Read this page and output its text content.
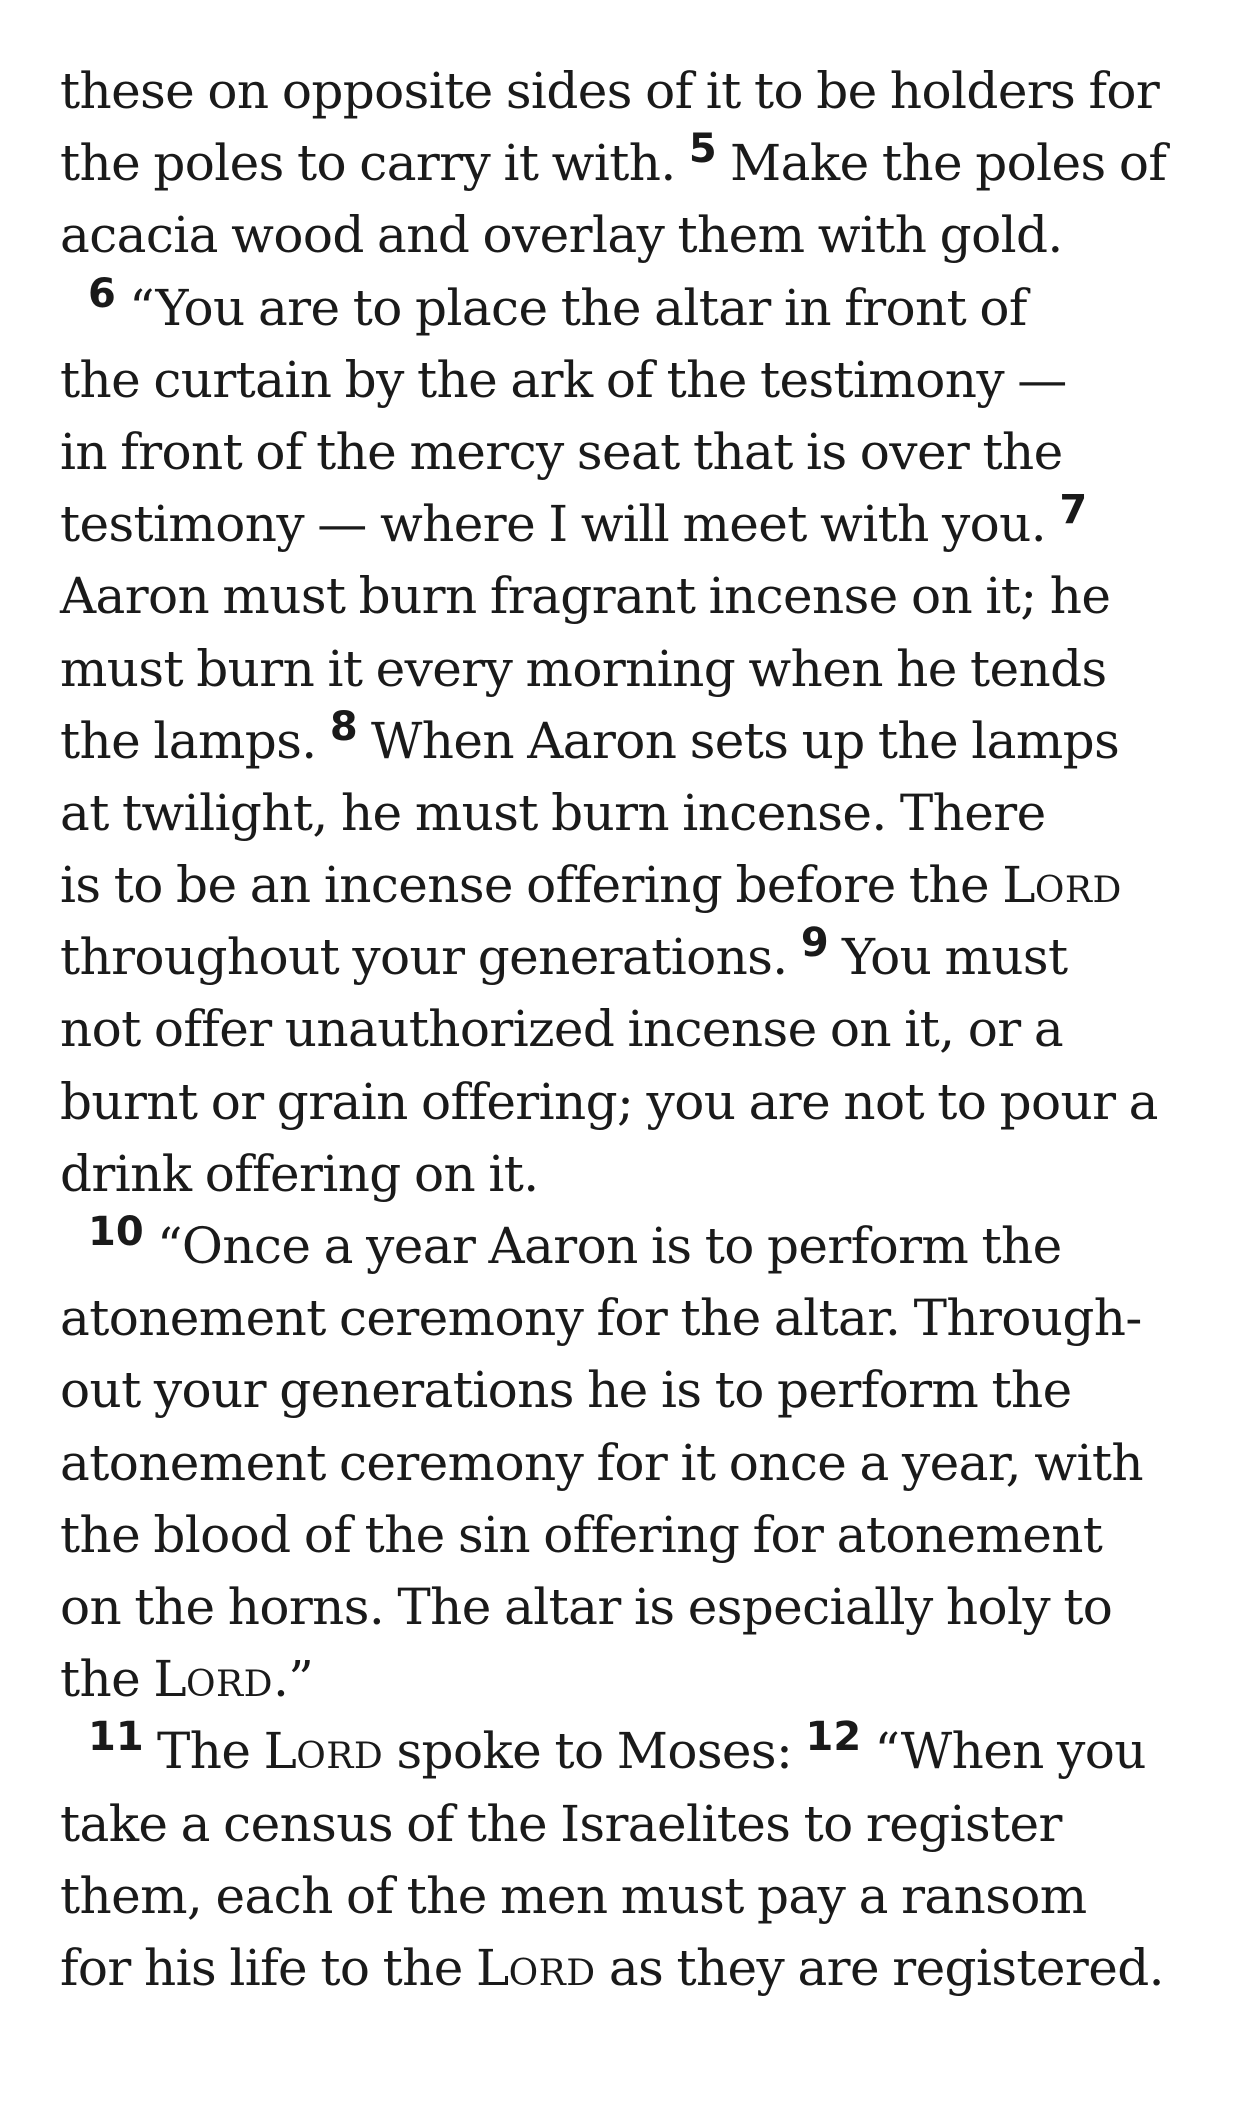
these on opposite sides of it to be holders for
the poles to carry it with. $^5$ Make the poles of
acacia wood and overlay them with gold.
$^6$ “You are to place the altar in front of
the curtain by the ark of the testimony —
in front of the mercy seat that is over the
testimony — where I will meet with you. $^7$
Aaron must burn fragrant incense on it; he
must burn it every morning when he tends
the lamps. $^8$ When Aaron sets up the lamps
at twilight, he must burn incense. There
is to be an incense offering before the LORD
throughout your generations. $^9$ You must
not offer unauthorized incense on it, or a
burnt or grain offering; you are not to pour a
drink offering on it.
$^{10}$ “Once a year Aaron is to perform the
atonement ceremony for the altar. Through-
out your generations he is to perform the
atonement ceremony for it once a year, with
the blood of the sin offering for atonement
on the horns. The altar is especially holy to
the LORD.”
$^{11}$ The LORD spoke to Moses: $^{12}$ “When you
take a census of the Israelites to register
them, each of the men must pay a ransom
for his life to the LORD as they are registered.
